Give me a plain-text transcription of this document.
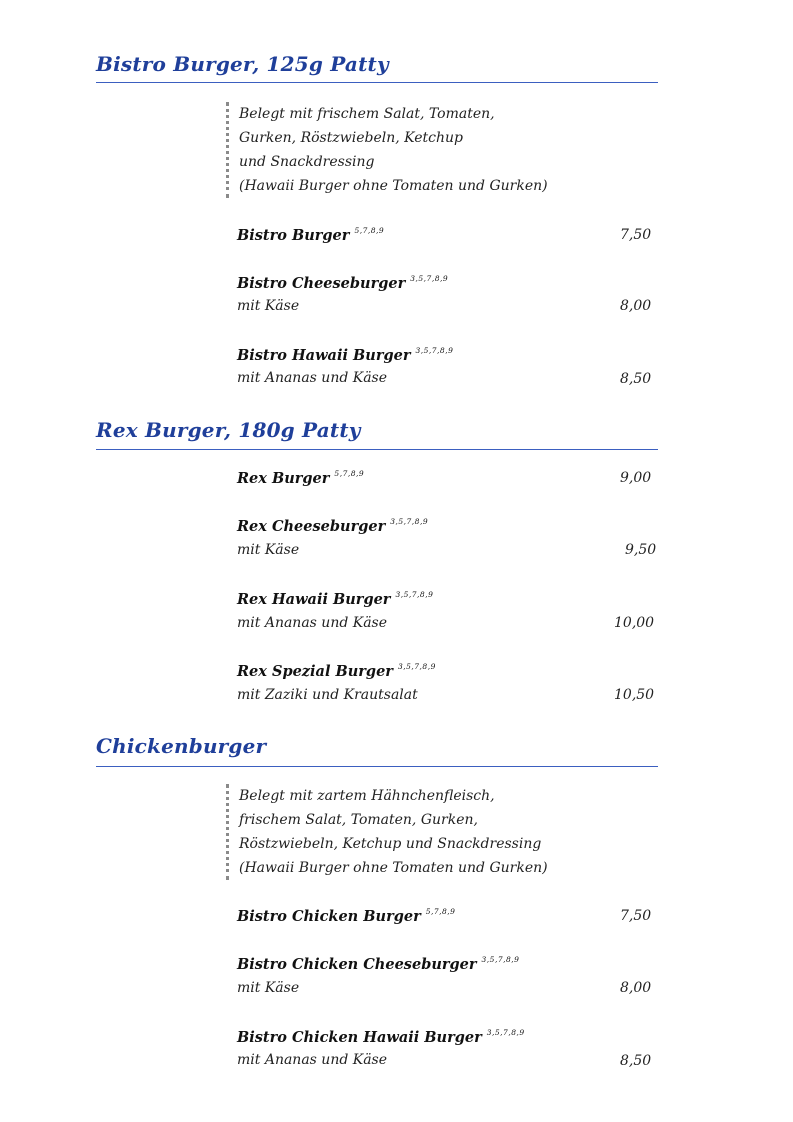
Bistro Burger, 125g Patty
Belegt mit frischem Salat, Tomaten,
Gurken, Röstzwiebeln, Ketchup
und Snackdressing
(Hawaii Burger ohne Tomaten und Gurken)
Bistro Burger $^{5,7,8,9}$	7,50
Bistro Cheeseburger $^{3,5,7,8,9}$
mit Käse	8,00
Bistro Hawaii Burger $^{3,5,7,8,9}$
mit Ananas und Käse	8,50
Rex Burger, 180g Patty
Rex Burger $^{5,7,8,9}$	9,00
Rex Cheeseburger $^{3,5,7,8,9}$
mit Käse	9,50
Rex Hawaii Burger $^{3,5,7,8,9}$
mit Ananas und Käse	10,00
Rex Spezial Burger $^{3,5,7,8,9}$
mit Zaziki und Krautsalat	10,50
Chickenburger
Belegt mit zartem Hähnchenfleisch,
frischem Salat, Tomaten, Gurken,
Röstzwiebeln, Ketchup und Snackdressing
(Hawaii Burger ohne Tomaten und Gurken)
Bistro Chicken Burger $^{5,7,8,9}$	7,50
Bistro Chicken Cheeseburger $^{3,5,7,8,9}$
mit Käse	8,00
Bistro Chicken Hawaii Burger $^{3,5,7,8,9}$
mit Ananas und Käse	8,50
